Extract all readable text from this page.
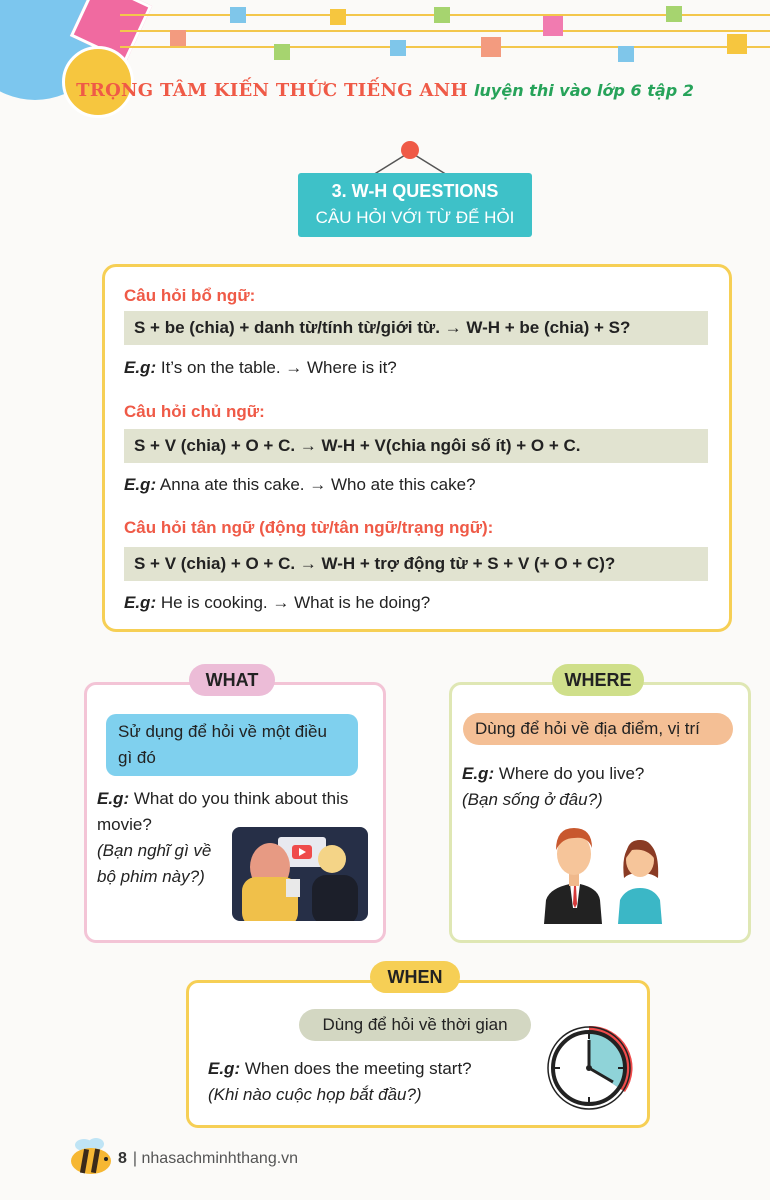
TRỌNG TÂM KIẾN THỨC TIẾNG ANH luyện thi vào lớp 6 tập 2
3. W-H QUESTIONS
CÂU HỎI VỚI TỪ ĐỂ HỎI
Câu hỏi bổ ngữ:
S + be (chia) + danh từ/tính từ/giới từ. → W-H + be (chia) + S?
E.g: It’s on the table. → Where is it?
Câu hỏi chủ ngữ:
S + V (chia) + O + C. → W-H + V(chia ngôi số ít) + O + C.
E.g: Anna ate this cake. → Who ate this cake?
Câu hỏi tân ngữ (động từ/tân ngữ/trạng ngữ):
S + V (chia) + O + C. → W-H + trợ động từ + S + V (+ O + C)?
E.g: He is cooking. → What is he doing?
WHAT
Sử dụng để hỏi về một điều
gì đó
E.g: What do you think about this
movie?
(Bạn nghĩ gì về
bộ phim này?)
WHERE
Dùng để hỏi về địa điểm, vị trí
E.g: Where do you live?
(Bạn sống ở đâu?)
WHEN
Dùng để hỏi về thời gian
E.g: When does the meeting start?
(Khi nào cuộc họp bắt đầu?)
8 | nhasachminhthang.vn
